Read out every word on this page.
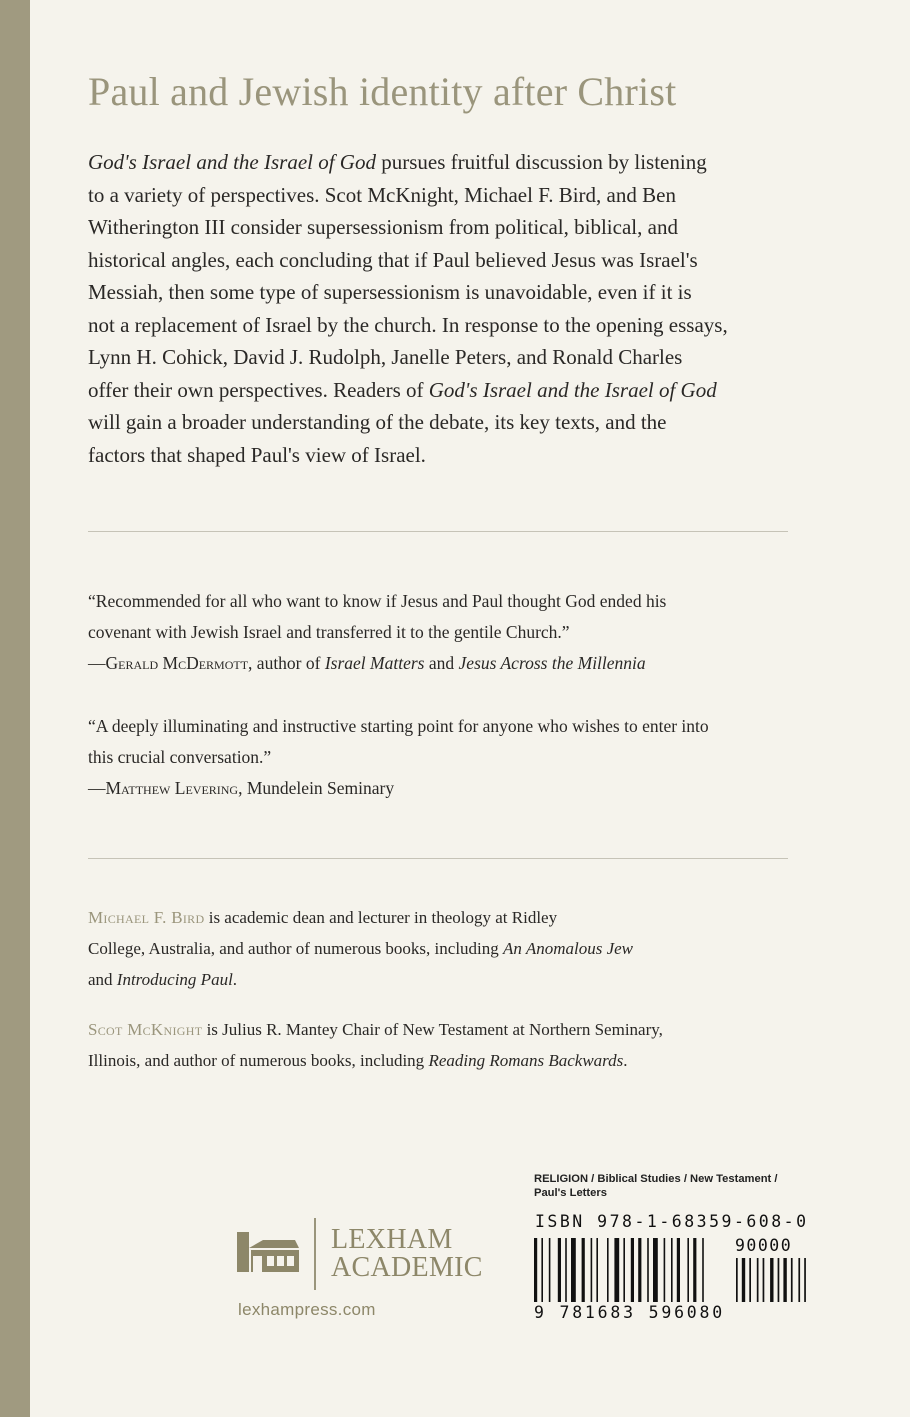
Paul and Jewish identity after Christ
God's Israel and the Israel of God pursues fruitful discussion by listening
to a variety of perspectives. Scot McKnight, Michael F. Bird, and Ben
Witherington III consider supersessionism from political, biblical, and
historical angles, each concluding that if Paul believed Jesus was Israel's
Messiah, then some type of supersessionism is unavoidable, even if it is
not a replacement of Israel by the church. In response to the opening essays,
Lynn H. Cohick, David J. Rudolph, Janelle Peters, and Ronald Charles
offer their own perspectives. Readers of God's Israel and the Israel of God
will gain a broader understanding of the debate, its key texts, and the
factors that shaped Paul's view of Israel.
“Recommended for all who want to know if Jesus and Paul thought God ended his
covenant with Jewish Israel and transferred it to the gentile Church.”
—Gerald McDermott, author of Israel Matters and Jesus Across the Millennia
“A deeply illuminating and instructive starting point for anyone who wishes to enter into
this crucial conversation.”
—Matthew Levering, Mundelein Seminary
Michael F. Bird is academic dean and lecturer in theology at Ridley
College, Australia, and author of numerous books, including An Anomalous Jew
and Introducing Paul.
Scot McKnight is Julius R. Mantey Chair of New Testament at Northern Seminary,
Illinois, and author of numerous books, including Reading Romans Backwards.
LEXHAM
ACADEMIC
lexhampress.com
RELIGION / Biblical Studies / New Testament /
Paul's Letters
ISBN 978-1-68359-608-0
9 781683 596080
90000
